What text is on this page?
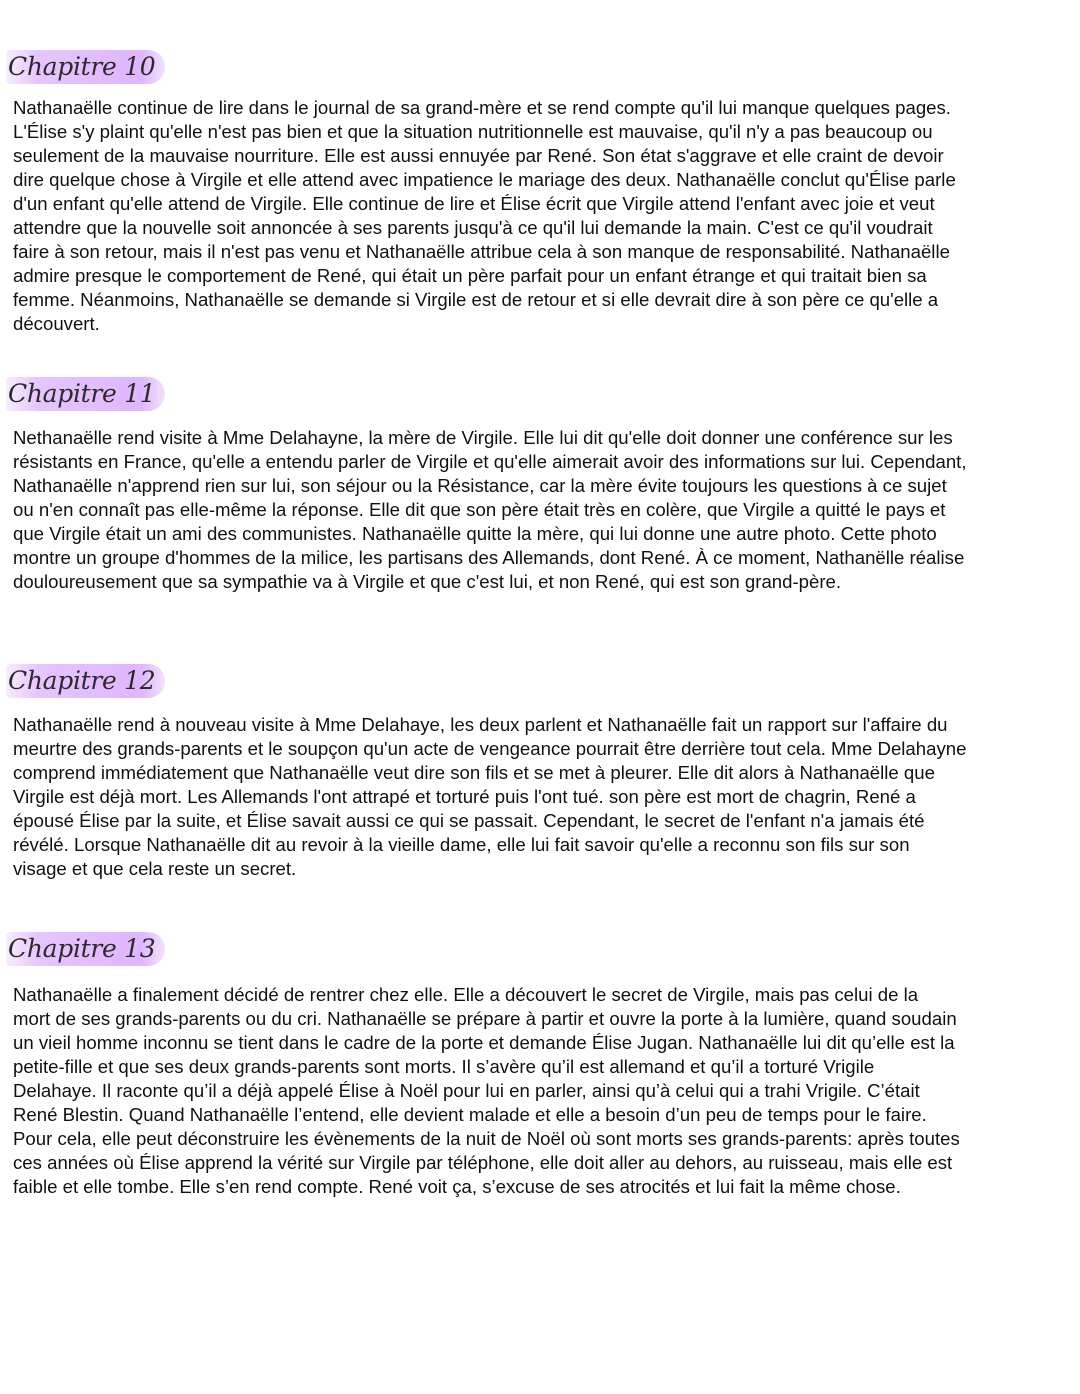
Chapitre 10

Nathanaëlle continue de lire dans le journal de sa grand-mère et se rend compte qu'il lui manque quelques pages.
L'Élise s'y plaint qu'elle n'est pas bien et que la situation nutritionnelle est mauvaise, qu'il n'y a pas beaucoup ou
seulement de la mauvaise nourriture. Elle est aussi ennuyée par René. Son état s'aggrave et elle craint de devoir
dire quelque chose à Virgile et elle attend avec impatience le mariage des deux. Nathanaëlle conclut qu'Élise parle
d'un enfant qu'elle attend de Virgile. Elle continue de lire et Élise écrit que Virgile attend l'enfant avec joie et veut
attendre que la nouvelle soit annoncée à ses parents jusqu'à ce qu'il lui demande la main. C'est ce qu'il voudrait
faire à son retour, mais il n'est pas venu et Nathanaëlle attribue cela à son manque de responsabilité. Nathanaëlle
admire presque le comportement de René, qui était un père parfait pour un enfant étrange et qui traitait bien sa
femme. Néanmoins, Nathanaëlle se demande si Virgile est de retour et si elle devrait dire à son père ce qu'elle a
découvert.

Chapitre 11

Nethanaëlle rend visite à Mme Delahayne, la mère de Virgile. Elle lui dit qu'elle doit donner une conférence sur les
résistants en France, qu'elle a entendu parler de Virgile et qu'elle aimerait avoir des informations sur lui. Cependant,
Nathanaëlle n'apprend rien sur lui, son séjour ou la Résistance, car la mère évite toujours les questions à ce sujet
ou n'en connaît pas elle-même la réponse. Elle dit que son père était très en colère, que Virgile a quitté le pays et
que Virgile était un ami des communistes. Nathanaëlle quitte la mère, qui lui donne une autre photo. Cette photo
montre un groupe d'hommes de la milice, les partisans des Allemands, dont René. À ce moment, Nathanëlle réalise
douloureusement que sa sympathie va à Virgile et que c'est lui, et non René, qui est son grand-père.

Chapitre 12

Nathanaëlle rend à nouveau visite à Mme Delahaye, les deux parlent et Nathanaëlle fait un rapport sur l'affaire du
meurtre des grands-parents et le soupçon qu'un acte de vengeance pourrait être derrière tout cela. Mme Delahayne
comprend immédiatement que Nathanaëlle veut dire son fils et se met à pleurer. Elle dit alors à Nathanaëlle que
Virgile est déjà mort. Les Allemands l'ont attrapé et torturé puis l'ont tué. son père est mort de chagrin, René a
épousé Élise par la suite, et Élise savait aussi ce qui se passait. Cependant, le secret de l'enfant n'a jamais été
révélé. Lorsque Nathanaëlle dit au revoir à la vieille dame, elle lui fait savoir qu'elle a reconnu son fils sur son
visage et que cela reste un secret.

Chapitre 13

Nathanaëlle a finalement décidé de rentrer chez elle. Elle a découvert le secret de Virgile, mais pas celui de la
mort de ses grands-parents ou du cri. Nathanaëlle se prépare à partir et ouvre la porte à la lumière, quand soudain
un vieil homme inconnu se tient dans le cadre de la porte et demande Élise Jugan. Nathanaëlle lui dit qu’elle est la
petite-fille et que ses deux grands-parents sont morts. Il s’avère qu’il est allemand et qu’il a torturé Vrigile
Delahaye. Il raconte qu’il a déjà appelé Élise à Noël pour lui en parler, ainsi qu’à celui qui a trahi Vrigile. C’était
René Blestin. Quand Nathanaëlle l’entend, elle devient malade et elle a besoin d’un peu de temps pour le faire.
Pour cela, elle peut déconstruire les évènements de la nuit de Noël où sont morts ses grands-parents: après toutes
ces années où Élise apprend la vérité sur Virgile par téléphone, elle doit aller au dehors, au ruisseau, mais elle est
faible et elle tombe. Elle s’en rend compte. René voit ça, s’excuse de ses atrocités et lui fait la même chose.
